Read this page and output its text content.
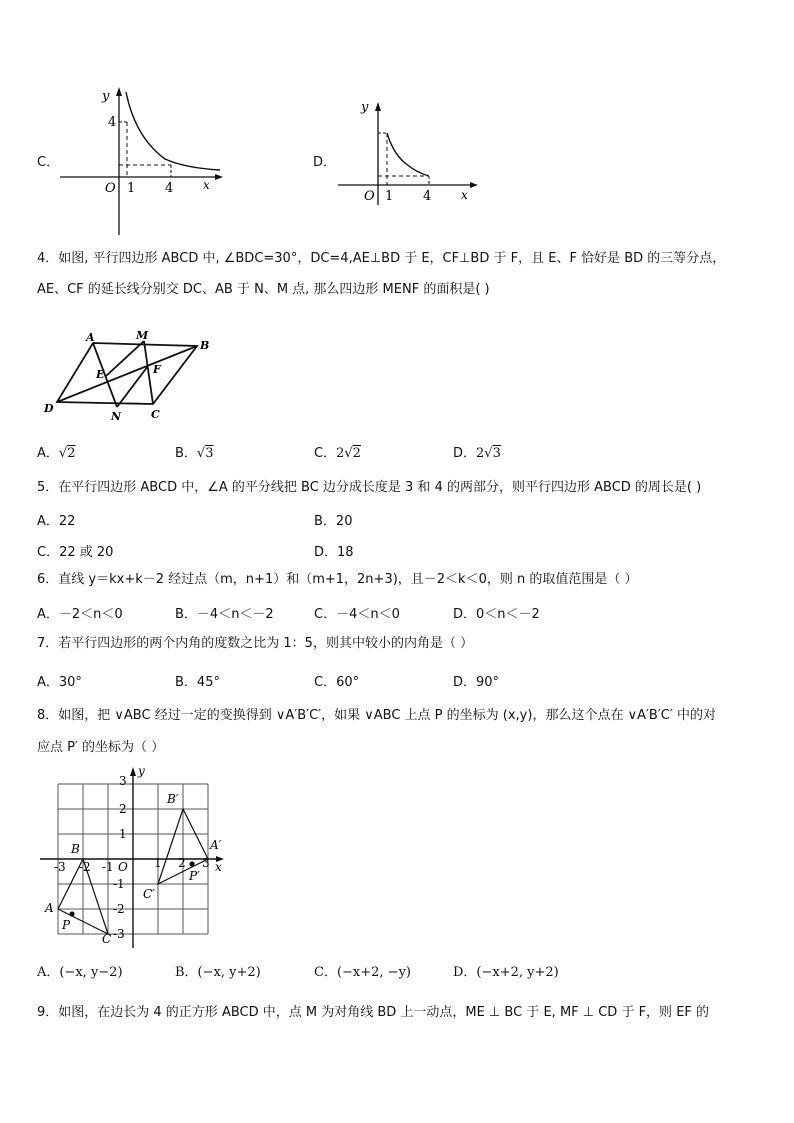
C．
y
x
O
4
1 4
D．
y
x
O 1 4
4．如图, 平行四边形 ABCD 中, ∠BDC=30°，DC=4,AE⊥BD 于 E，CF⊥BD 于 F，且 E、F 恰好是 BD 的三等分点，
AE、CF 的延长线分别交 DC、AB 于 N、M 点, 那么四边形 MENF 的面积是( )
A	M
B
E	F
D
N	C
A．√2	B．√3	C．2√2	D．2√3
5．在平行四边形 ABCD 中，∠A 的平分线把 BC 边分成长度是 3 和 4 的两部分，则平行四边形 ABCD 的周长是( )
A．22	B．20
C．22 或 20	D．18
6．直线 y＝kx+k－2 经过点（m，n+1）和（m+1，2n+3)，且－2＜k＜0，则 n 的取值范围是（ ）
A．－2＜n＜0	B．－4＜n＜－2	C．－4＜n＜0	D．0＜n＜－2
7．若平行四边形的两个内角的度数之比为 1：5，则其中较小的内角是（ ）
A．30°	B．45°	C．60°	D．90°
8．如图，把 ∨ABC 经过一定的变换得到 ∨A′B′C′，如果 ∨ABC 上点 P 的坐标为 (x,y)，那么这个点在 ∨A′B′C′ 中的对
应点 P′ 的坐标为（ ）
y
x
O
3
2
1
-1
-2
-3
-3 -2 -1	1 2 3
A
B
C
P
A′
B′
C′
P′
A．(−x, y−2)	B．(−x, y+2)	C．(−x+2, −y)	D．(−x+2, y+2)
9．如图，在边长为 4 的正方形 ABCD 中，点 M 为对角线 BD 上一动点，ME ⊥ BC 于 E, MF ⊥ CD 于 F，则 EF 的
